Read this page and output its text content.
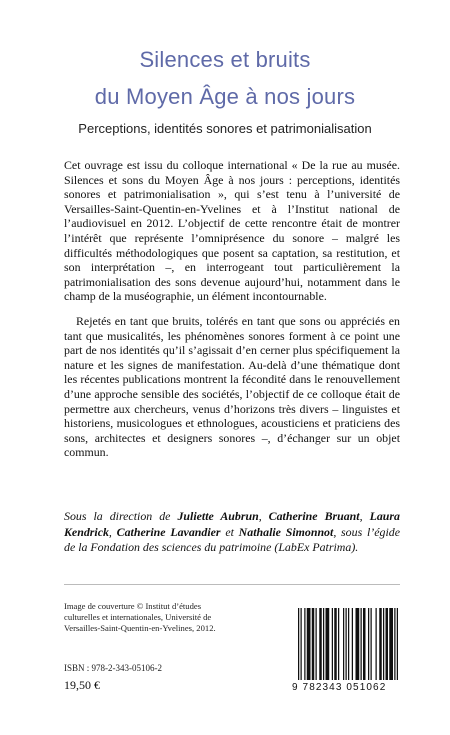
Silences et bruits
du Moyen Âge à nos jours
Perceptions, identités sonores et patrimonialisation

Cet ouvrage est issu du colloque international « De la rue au musée. Silences et sons du Moyen Âge à nos jours : perceptions, identités sonores et patrimonialisation », qui s’est tenu à l’université de Versailles-Saint-Quentin-en-Yvelines et à l’Institut national de l’audiovisuel en 2012. L’objectif de cette rencontre était de montrer l’intérêt que représente l’omniprésence du sonore – malgré les difficultés méthodologiques que posent sa captation, sa restitution, et son interprétation –, en interrogeant tout particulièrement la patrimonialisation des sons devenue aujourd’hui, notamment dans le champ de la muséographie, un élément incontournable.

Rejetés en tant que bruits, tolérés en tant que sons ou appréciés en tant que musicalités, les phénomènes sonores forment à ce point une part de nos identités qu’il s’agissait d’en cerner plus spécifiquement la nature et les signes de manifestation. Au-delà d’une thématique dont les récentes publications montrent la fécondité dans le renouvellement d’une approche sensible des sociétés, l’objectif de ce colloque était de permettre aux chercheurs, venus d’horizons très divers – linguistes et historiens, musicologues et ethnologues, acousticiens et praticiens des sons, architectes et designers sonores –, d’échanger sur un objet commun.

Sous la direction de Juliette Aubrun, Catherine Bruant, Laura Kendrick, Catherine Lavandier et Nathalie Simonnot, sous l’égide de la Fondation des sciences du patrimoine (LabEx Patrima).

Image de couverture © Institut d’études culturelles et internationales, Université de Versailles-Saint-Quentin-en-Yvelines, 2012.

ISBN : 978-2-343-05106-2
19,50 €	9 782343 051062
